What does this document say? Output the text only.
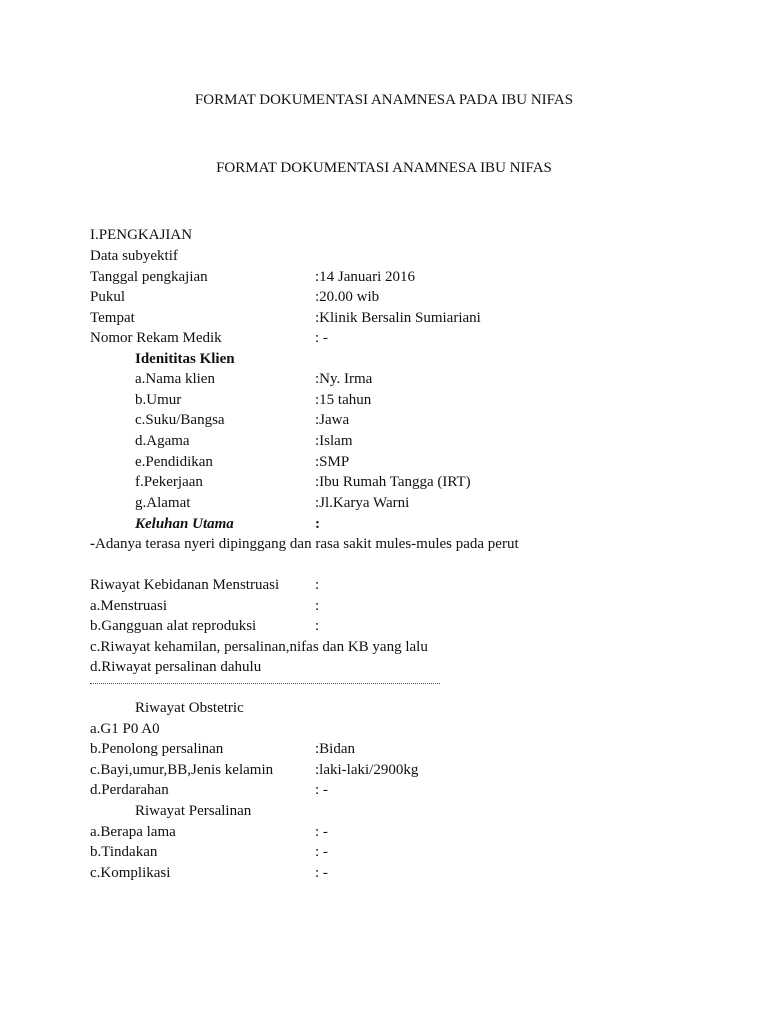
FORMAT DOKUMENTASI ANAMNESA PADA IBU NIFAS
FORMAT DOKUMENTASI ANAMNESA IBU NIFAS
I.PENGKAJIAN
Data subyektif
Tanggal pengkajian	:14 Januari 2016
Pukul	:20.00 wib
Tempat	:Klinik Bersalin Sumiariani
Nomor Rekam Medik	: -
Idenititas Klien
a.Nama klien	:Ny. Irma
b.Umur	:15 tahun
c.Suku/Bangsa	:Jawa
d.Agama	:Islam
e.Pendidikan	:SMP
f.Pekerjaan	:Ibu Rumah Tangga (IRT)
g.Alamat	:Jl.Karya Warni
Keluhan Utama	:
-Adanya terasa nyeri dipinggang dan rasa sakit mules-mules pada perut
Riwayat Kebidanan Menstruasi :
a.Menstruasi	:
b.Gangguan alat reproduksi	:
c.Riwayat kehamilan, persalinan,nifas dan KB yang lalu
d.Riwayat persalinan dahulu
Riwayat Obstetric
a.G1 P0 A0
b.Penolong persalinan	:Bidan
c.Bayi,umur,BB,Jenis kelamin	:laki-laki/2900kg
d.Perdarahan	: -
Riwayat Persalinan
a.Berapa lama	: -
b.Tindakan	: -
c.Komplikasi	: -
